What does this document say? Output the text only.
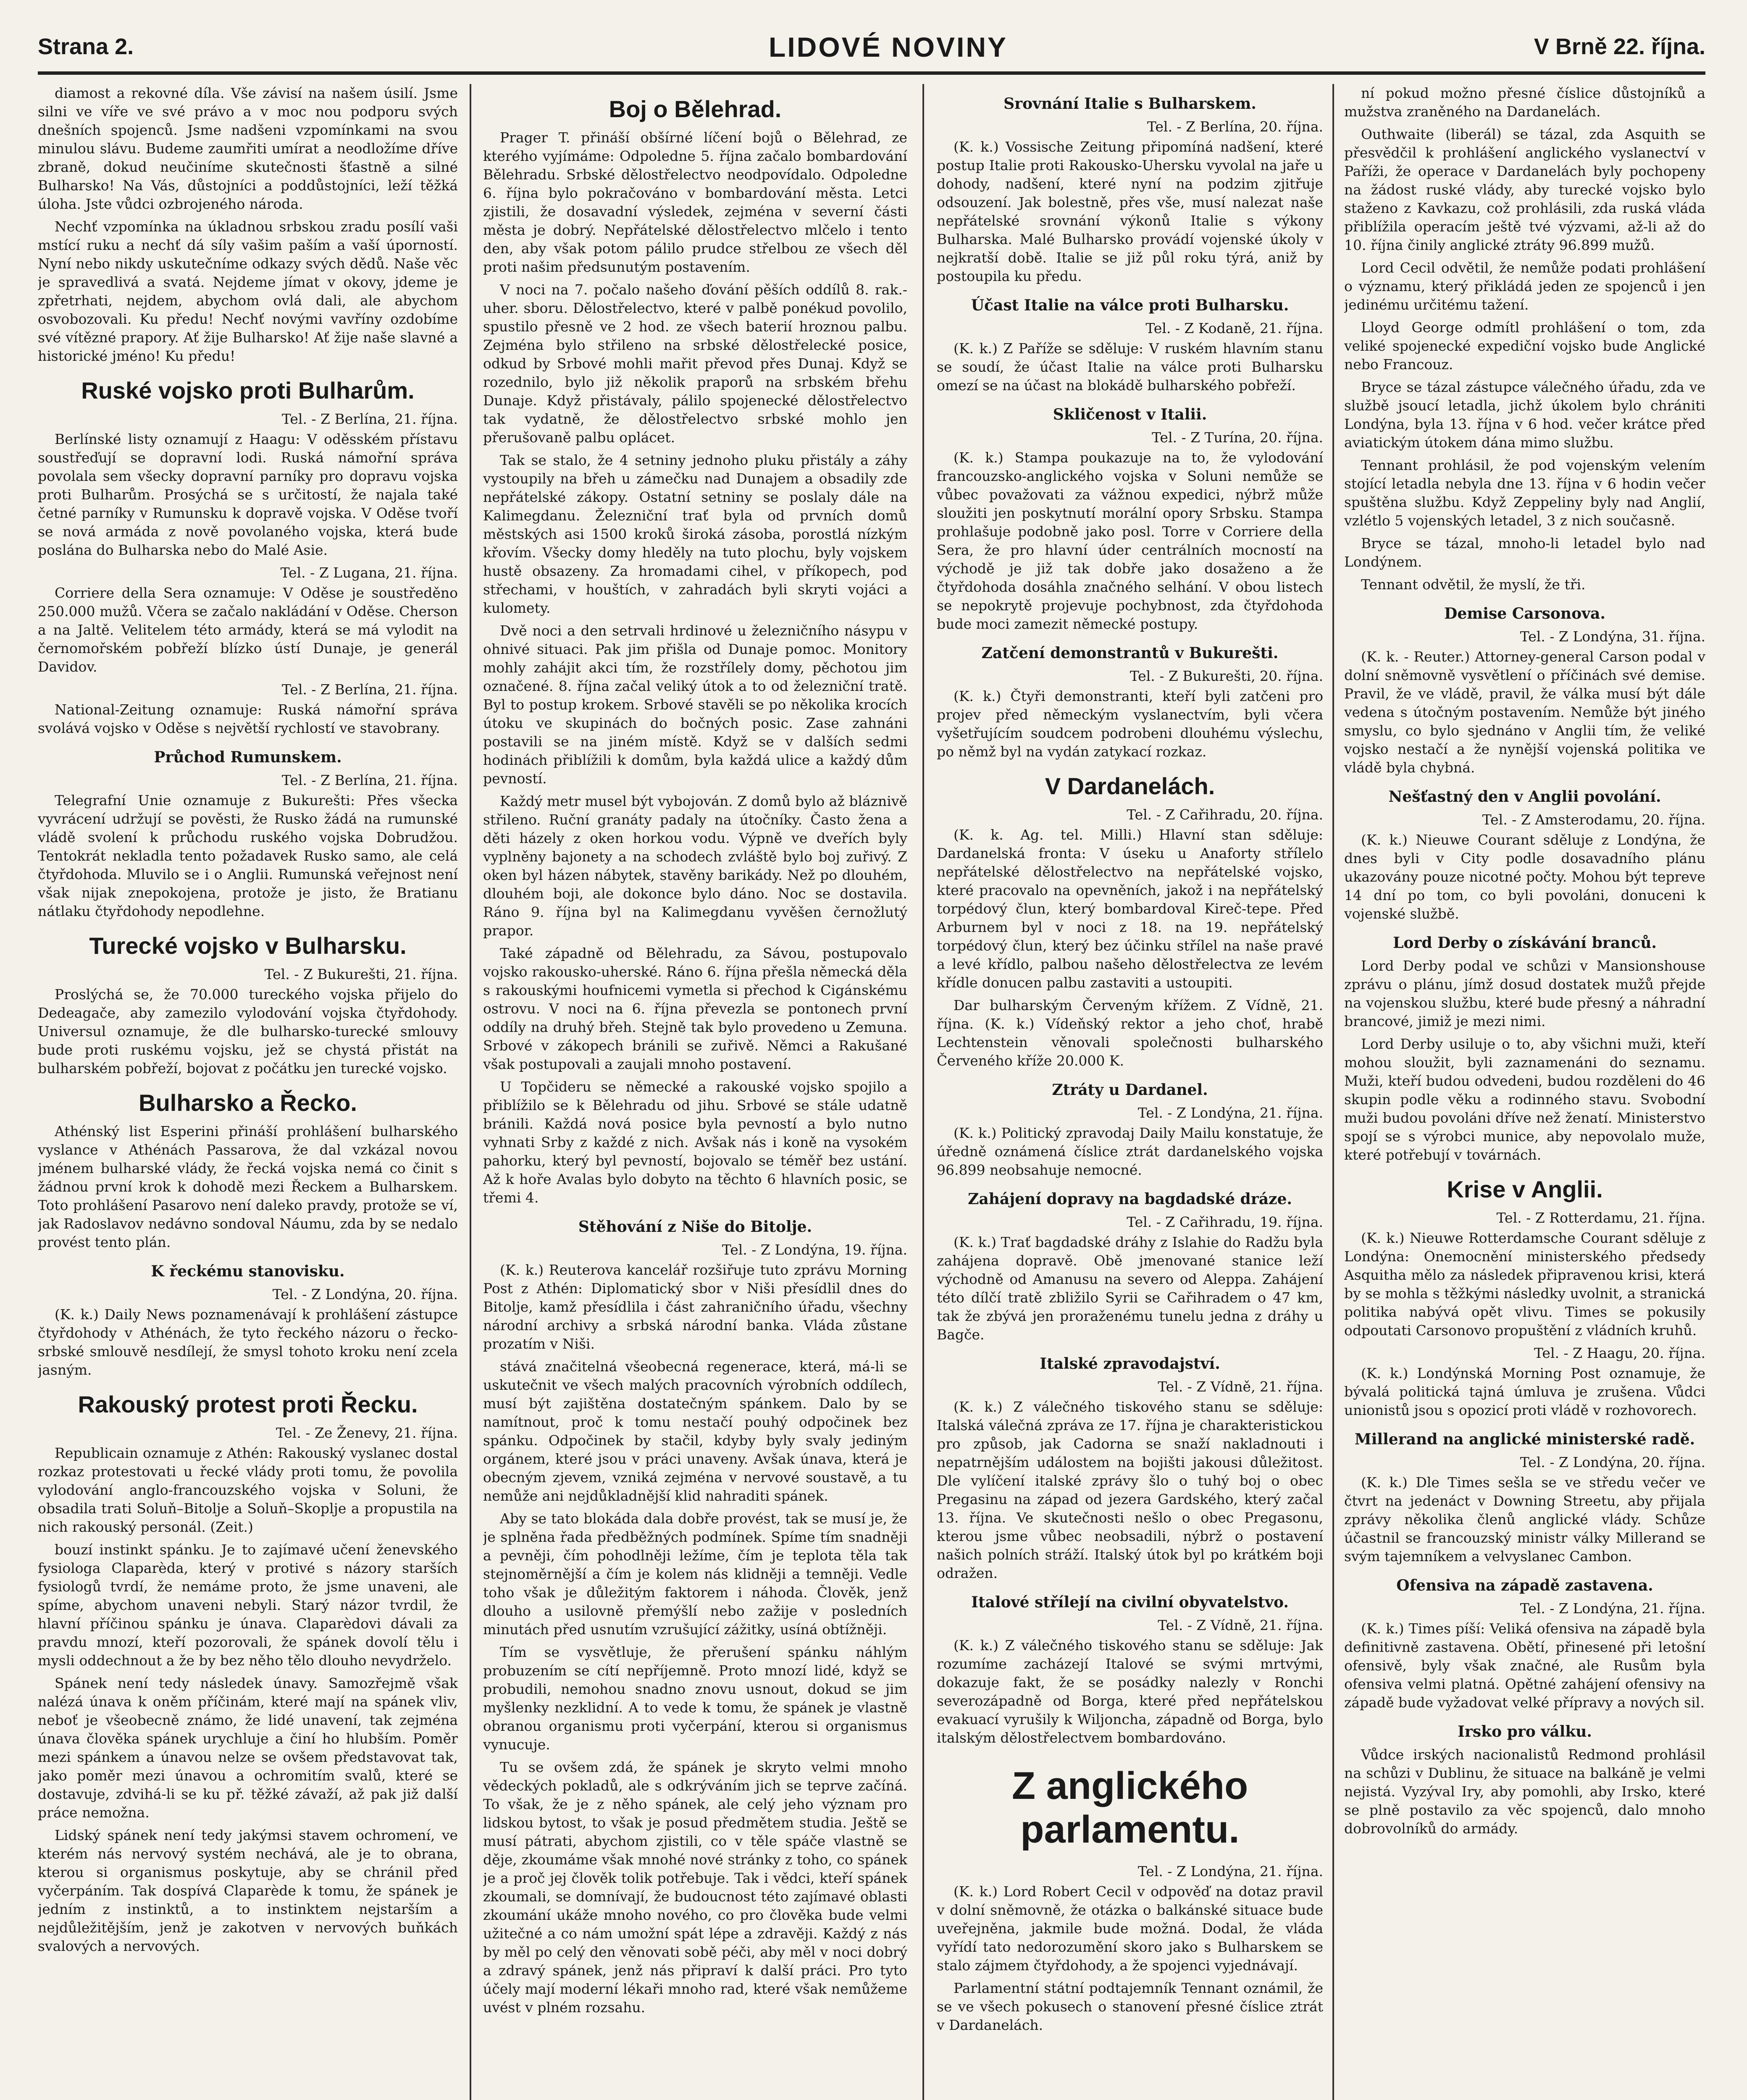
Strana 2.	LIDOVÉ NOVINY	V Brně 22. října.

diamost a rekovné díla. Vše závisí na našem úsilí. Jsme silni ve víře ve své právo a v moc nou podporu svých dnešních spojenců. Jsme nadšeni vzpomínkami na svou minulou slávu. Budeme zaumřiti umírat a neodložíme dříve zbraně, dokud neučiníme skutečnosti šťastně a silné Bulharsko! Na Vás, důstojníci a poddůstojníci, leží těžká úloha. Jste vůdci ozbrojeného národa.

Nechť vzpomínka na úkladnou srbskou zradu posílí vaši mstící ruku a nechť dá síly vašim paším a vaší úporností. Nyní nebo nikdy uskutečníme odkazy svých dědů. Naše věc je spravedlivá a svatá. Nejdeme jímat v okovy, jdeme je zpřetrhati, nejdem, abychom ovlá dali, ale abychom osvobozovali. Ku předu! Nechť novými vavříny ozdobíme své vítězné prapory. Ať žije Bulharsko! Ať žije naše slavné a historické jméno! Ku předu!

Ruské vojsko proti Bulharům.
Tel. - Z Berlína, 21. října.

Berlínské listy oznamují z Haagu: V oděsském přístavu soustřeďují se dopravní lodi. Ruská námořní správa povolala sem všecky dopravní parníky pro dopravu vojska proti Bulharům. Prosýchá se s určitostí, že najala také četné parníky v Rumunsku k dopravě vojska. V Oděse tvoří se nová armáda z nově povolaného vojska, která bude poslána do Bulharska nebo do Malé Asie.

Tel. - Z Lugana, 21. října.

Corriere della Sera oznamuje: V Oděse je soustředěno 250.000 mužů. Včera se začalo nakládání v Oděse. Cherson a na Jaltě. Velitelem této armády, která se má vylodit na černomořském pobřeží blízko ústí Dunaje, je generál Davidov.

Tel. - Z Berlína, 21. října.

National-Zeitung oznamuje: Ruská námořní správa svolává vojsko v Oděse s největší rychlostí ve stavobrany.

Průchod Rumunskem.
Tel. - Z Berlína, 21. října.

Telegrafní Unie oznamuje z Bukurešti: Přes všecka vyvrácení udržují se pověsti, že Rusko žádá na rumunské vládě svolení k průchodu ruského vojska Dobrudžou. Tentokrát nekladla tento požadavek Rusko samo, ale celá čtyřdohoda. Mluvilo se i o Anglii. Rumunská veřejnost není však nijak znepokojena, protože je jisto, že Bratianu nátlaku čtyřdohody nepodlehne.

Turecké vojsko v Bulharsku.
Tel. - Z Bukurešti, 21. října.

Proslýchá se, že 70.000 tureckého vojska přijelo do Dedeagače, aby zamezilo vylodování vojska čtyřdohody. Universul oznamuje, že dle bulharsko-turecké smlouvy bude proti ruskému vojsku, jež se chystá přistát na bulharském pobřeží, bojovat z počátku jen turecké vojsko.

Bulharsko a Řecko.

Athénský list Esperini přináší prohlášení bulharského vyslance v Athénách Passarova, že dal vzkázal novou jménem bulharské vlády, že řecká vojska nemá co činit s žádnou první krok k dohodě mezi Řeckem a Bulharskem. Toto prohlášení Pasarovo není daleko pravdy, protože se ví, jak Radoslavov nedávno sondoval Náumu, zda by se nedalo provést tento plán.

K řeckému stanovisku.
Tel. - Z Londýna, 20. října.

(K. k.) Daily News poznamenávají k prohlášení zástupce čtyřdohody v Athénách, že tyto řeckého názoru o řecko-srbské smlouvě nesdílejí, že smysl tohoto kroku není zcela jasným.

Rakouský protest proti Řecku.
Tel. - Ze Ženevy, 21. října.

Republicain oznamuje z Athén: Rakouský vyslanec dostal rozkaz protestovati u řecké vlády proti tomu, že povolila vylodování anglo-francouzského vojska v Soluni, že obsadila trati Soluň–Bitolje a Soluň–Skoplje a propustila na nich rakouský personál. (Zeit.)

bouzí instinkt spánku. Je to zajímavé učení ženevského fysiologa Claparèda, který v protivé s názory starších fysiologů tvrdí, že nemáme proto, že jsme unaveni, ale spíme, abychom unaveni nebyli. Starý názor tvrdil, že hlavní příčinou spánku je únava. Claparèdovi dávali za pravdu mnozí, kteří pozorovali, že spánek dovolí tělu i mysli oddechnout a že by bez něho tělo dlouho nevydrželo.

Spánek není tedy následek únavy. Samozřejmě však nalézá únava k oněm příčinám, které mají na spánek vliv, neboť je všeobecně známo, že lidé unavení, tak zejména únava člověka spánek urychluje a činí ho hlubším. Poměr mezi spánkem a únavou nelze se ovšem představovat tak, jako poměr mezi únavou a ochromitím svalů, které se dostavuje, zdvihá-li se ku př. těžké závaží, až pak již další práce nemožna.

Lidský spánek není tedy jakýmsi stavem ochromení, ve kterém nás nervový systém nechává, ale je to obrana, kterou si organismus poskytuje, aby se chránil před vyčerpáním. Tak dospívá Claparède k tomu, že spánek je jedním z instinktů, a to instinktem nejstarším a nejdůležitějším, jenž je zakotven v nervových buňkách svalových a nervových.

Boj o Bělehrad.

Prager T. přináší obšírné líčení bojů o Bělehrad, ze kterého vyjímáme: Odpoledne 5. října začalo bombardování Bělehradu. Srbské dělostřelectvo neodpovídalo. Odpoledne 6. října bylo pokračováno v bombardování města. Letci zjistili, že dosavadní výsledek, zejména v severní části města je dobrý. Nepřátelské dělostřelectvo mlčelo i tento den, aby však potom pálilo prudce střelbou ze všech děl proti našim předsunutým postavením.

V noci na 7. počalo našeho ďování pěších oddílů 8. rak.-uher. sboru. Dělostřelectvo, které v palbě ponékud povolilo, spustilo přesně ve 2 hod. ze všech baterií hroznou palbu. Zejména bylo střileno na srbské dělostřelecké posice, odkud by Srbové mohli mařit převod přes Dunaj. Když se rozednilo, bylo již několik praporů na srbském břehu Dunaje. Když přistávaly, pálilo spojenecké dělostřelectvo tak vydatně, že dělostřelectvo srbské mohlo jen přerušovaně palbu oplácet.

Tak se stalo, že 4 setniny jednoho pluku přistály a záhy vystoupily na břeh u zámečku nad Dunajem a obsadily zde nepřátelské zákopy. Ostatní setniny se poslaly dále na Kalimegdanu. Železniční trať byla od prvních domů městských asi 1500 kroků široká zásoba, porostlá nízkým křovím. Všecky domy hleděly na tuto plochu, byly vojskem hustě obsazeny. Za hromadami cihel, v příkopech, pod střechami, v houštích, v zahradách byli skryti vojáci a kulomety.

Dvě noci a den setrvali hrdinové u železničního násypu v ohnivé situaci. Pak jim přišla od Dunaje pomoc. Monitory mohly zahájit akci tím, že rozstřílely domy, pěchotou jim označené. 8. října začal veliký útok a to od železniční tratě. Byl to postup krokem. Srbové stavěli se po několika krocích útoku ve skupinách do bočných posic. Zase zahnáni postavili se na jiném místě. Když se v dalších sedmi hodinách přiblížili k domům, byla každá ulice a každý dům pevností.

Každý metr musel být vybojován. Z domů bylo až bláznivě střileno. Ruční granáty padaly na útočníky. Často žena a děti házely z oken horkou vodu. Výpně ve dveřích byly vyplněny bajonety a na schodech zvláště bylo boj zuřivý. Z oken byl házen nábytek, stavěny barikády. Než po dlouhém, dlouhém boji, ale dokonce bylo dáno. Noc se dostavila. Ráno 9. října byl na Kalimegdanu vyvěšen černožlutý prapor.

Také západně od Bělehradu, za Sávou, postupovalo vojsko rakousko-uherské. Ráno 6. října přešla německá děla s rakouskými houfnicemi vymetla si přechod k Cigánskému ostrovu. V noci na 6. října převezla se pontonech první oddíly na druhý břeh. Stejně tak bylo provedeno u Zemuna. Srbové v zákopech bránili se zuřivě. Němci a Rakušané však postupovali a zaujali mnoho postavení.

U Topčideru se německé a rakouské vojsko spojilo a přiblížilo se k Bělehradu od jihu. Srbové se stále udatně bránili. Každá nová posice byla pevností a bylo nutno vyhnati Srby z každé z nich. Avšak nás i koně na vysokém pahorku, který byl pevností, bojovalo se téměř bez ustání. Až k hoře Avalas bylo dobyto na těchto 6 hlavních posic, se třemi 4.

Stěhování z Niše do Bitolje.
Tel. - Z Londýna, 19. října.

(K. k.) Reuterova kancelář rozšiřuje tuto zprávu Morning Post z Athén: Diplomatický sbor v Niši přesídlil dnes do Bitolje, kamž přesídlila i část zahraničního úřadu, všechny národní archivy a srbská národní banka. Vláda zůstane prozatím v Niši.

stává značitelná všeobecná regenerace, která, má-li se uskutečnit ve všech malých pracovních výrobních oddílech, musí být zajištěna dostatečným spánkem. Dalo by se namítnout, proč k tomu nestačí pouhý odpočinek bez spánku. Odpočinek by stačil, kdyby byly svaly jediným orgánem, které jsou v práci unaveny. Avšak únava, která je obecným zjevem, vzniká zejména v nervové soustavě, a tu nemůže ani nejdůkladnější klid nahraditi spánek.

Aby se tato blokáda dala dobře provést, tak se musí je, že je splněna řada předběžných podmínek. Spíme tím snadněji a pevněji, čím pohodlněji ležíme, čím je teplota těla tak stejnoměrnější a čím je kolem nás klidněji a temněji. Vedle toho však je důležitým faktorem i náhoda. Člověk, jenž dlouho a usilovně přemýšlí nebo zažije v posledních minutách před usnutím vzrušující zážitky, usíná obtížněji.

Tím se vysvětluje, že přerušení spánku náhlým probuzením se cítí nepříjemně. Proto mnozí lidé, když se probudili, nemohou snadno znovu usnout, dokud se jim myšlenky nezklidní. A to vede k tomu, že spánek je vlastně obranou organismu proti vyčerpání, kterou si organismus vynucuje.

Tu se ovšem zdá, že spánek je skryto velmi mnoho vědeckých pokladů, ale s odkrýváním jich se teprve začíná. To však, že je z něho spánek, ale celý jeho význam pro lidskou bytost, to však je posud předmětem studia. Ještě se musí pátrati, abychom zjistili, co v těle spáče vlastně se děje, zkoumáme však mnohé nové stránky z toho, co spánek je a proč jej člověk tolik potřebuje. Tak i vědci, kteří spánek zkoumali, se domnívají, že budoucnost této zajímavé oblasti zkoumání ukáže mnoho nového, co pro člověka bude velmi užitečné a co nám umožní spát lépe a zdravěji. Každý z nás by měl po celý den věnovati sobě péči, aby měl v noci dobrý a zdravý spánek, jenž nás připraví k další práci. Pro tyto účely mají moderní lékaři mnoho rad, které však nemůžeme uvést v plném rozsahu.

Srovnání Italie s Bulharskem.
Tel. - Z Berlína, 20. října.

(K. k.) Vossische Zeitung připomíná nadšení, které postup Italie proti Rakousko-Uhersku vyvolal na jaře u dohody, nadšení, které nyní na podzim zjitřuje odsouzení. Jak bolestně, přes vše, musí nalezat naše nepřátelské srovnání výkonů Italie s výkony Bulharska. Malé Bulharsko provádí vojenské úkoly v nejkratší době. Italie se již půl roku týrá, aniž by postoupila ku předu.

Účast Italie na válce proti Bulharsku.
Tel. - Z Kodaně, 21. října.

(K. k.) Z Paříže se sděluje: V ruském hlavním stanu se soudí, že účast Italie na válce proti Bulharsku omezí se na účast na blokádě bulharského pobřeží.

Skličenost v Italii.
Tel. - Z Turína, 20. října.

(K. k.) Stampa poukazuje na to, že vylodování francouzsko-anglického vojska v Soluni nemůže se vůbec považovati za vážnou expedici, nýbrž může sloužiti jen poskytnutí morální opory Srbsku. Stampa prohlašuje podobně jako posl. Torre v Corriere della Sera, že pro hlavní úder centrálních mocností na východě je již tak dobře jako dosaženo a že čtyřdohoda dosáhla značného selhání. V obou listech se nepokrytě projevuje pochybnost, zda čtyřdohoda bude moci zamezit německé postupy.

Zatčení demonstrantů v Bukurešti.
Tel. - Z Bukurešti, 20. října.

(K. k.) Čtyři demonstranti, kteří byli zatčeni pro projev před německým vyslanectvím, byli včera vyšetřujícím soudcem podrobeni dlouhému výslechu, po němž byl na vydán zatykací rozkaz.

V Dardanelách.
Tel. - Z Cařihradu, 20. října.

(K. k. Ag. tel. Milli.) Hlavní stan sděluje: Dardanelská fronta: V úseku u Anaforty střílelo nepřátelské dělostřelectvo na nepřátelské vojsko, které pracovalo na opevněních, jakož i na nepřátelský torpédový člun, který bombardoval Kireč-tepe. Před Arburnem byl v noci z 18. na 19. nepřátelský torpédový člun, který bez účinku střílel na naše pravé a levé křídlo, palbou našeho dělostřelectva ze levém křídle donucen palbu zastaviti a ustoupiti.

Dar bulharským Červeným křížem. Z Vídně, 21. října. (K. k.) Vídeňský rektor a jeho choť, hrabě Lechtenstein věnovali společnosti bulharského Červeného kříže 20.000 K.

Ztráty u Dardanel.
Tel. - Z Londýna, 21. října.

(K. k.) Politický zpravodaj Daily Mailu konstatuje, že úředně oznámená číslice ztrát dardanelského vojska 96.899 neobsahuje nemocné.

Zahájení dopravy na bagdadské dráze.
Tel. - Z Cařihradu, 19. října.

(K. k.) Trať bagdadské dráhy z Islahie do Radžu byla zahájena dopravě. Obě jmenované stanice leží východně od Amanusu na severo od Aleppa. Zahájení této dílčí tratě zbližilo Syrii se Cařihradem o 47 km, tak že zbývá jen proraženému tunelu jedna z dráhy u Bagče.

Italské zpravodajství.
Tel. - Z Vídně, 21. října.

(K. k.) Z válečného tiskového stanu se sděluje: Italská válečná zpráva ze 17. října je charakteristickou pro způsob, jak Cadorna se snaží nakladnouti i nepatrnějším událostem na bojišti jakousi důležitost. Dle vylíčení italské zprávy šlo o tuhý boj o obec Pregasinu na západ od jezera Gardského, který začal 13. října. Ve skutečnosti nešlo o obec Pregasonu, kterou jsme vůbec neobsadili, nýbrž o postavení našich polních stráží. Italský útok byl po krátkém boji odražen.

Italové střílejí na civilní obyvatelstvo.
Tel. - Z Vídně, 21. října.

(K. k.) Z válečného tiskového stanu se sděluje: Jak rozumíme zacházejí Italové se svými mrtvými, dokazuje fakt, že se posádky nalezly v Ronchi severozápadně od Borga, které před nepřátelskou evakuací vyrušily k Wiljoncha, západně od Borga, bylo italským dělostřelectvem bombardováno.

Z anglického parlamentu.
Tel. - Z Londýna, 21. října.

(K. k.) Lord Robert Cecil v odpověď na dotaz pravil v dolní sněmovně, že otázka o balkánské situace bude uveřejněna, jakmile bude možná. Dodal, že vláda vyřídí tato nedorozumění skoro jako s Bulharskem se stalo zájmem čtyřdohody, a že spojenci vyjednávají.

Parlamentní státní podtajemník Tennant oznámil, že se ve všech pokusech o stanovení přesné číslice ztrát v Dardanelách.

ní pokud možno přesné číslice důstojníků a mužstva zraněného na Dardanelách.

Outhwaite (liberál) se tázal, zda Asquith se přesvědčil k prohlášení anglického vyslanectví v Paříži, že operace v Dardanelách byly pochopeny na žádost ruské vlády, aby turecké vojsko bylo staženo z Kavkazu, což prohlásili, zda ruská vláda přiblížila operacím ještě tvé výzvami, až-li až do 10. října činily anglické ztráty 96.899 mužů.

Lord Cecil odvětil, že nemůže podati prohlášení o významu, který přikládá jeden ze spojenců i jen jedinému určitému tažení.

Lloyd George odmítl prohlášení o tom, zda veliké spojenecké expediční vojsko bude Anglické nebo Francouz.

Bryce se tázal zástupce válečného úřadu, zda ve službě jsoucí letadla, jichž úkolem bylo chrániti Londýna, byla 13. října v 6 hod. večer krátce před aviatickým útokem dána mimo službu.

Tennant prohlásil, že pod vojenským velením stojící letadla nebyla dne 13. října v 6 hodin večer spuštěna službu. Když Zeppeliny byly nad Anglií, vzlétlo 5 vojenských letadel, 3 z nich současně.

Bryce se tázal, mnoho-li letadel bylo nad Londýnem.

Tennant odvětil, že myslí, že tři.

Demise Carsonova.
Tel. - Z Londýna, 31. října.

(K. k. - Reuter.) Attorney-general Carson podal v dolní sněmovně vysvětlení o příčinách své demise. Pravil, že ve vládě, pravil, že válka musí být dále vedena s útočným postavením. Nemůže být jiného smyslu, co bylo sjednáno v Anglii tím, že veliké vojsko nestačí a že nynější vojenská politika ve vládě byla chybná.

Nešťastný den v Anglii povolání.
Tel. - Z Amsterodamu, 20. října.

(K. k.) Nieuwe Courant sděluje z Londýna, že dnes byli v City podle dosavadního plánu ukazovány pouze nicotné počty. Mohou být tepreve 14 dní po tom, co byli povoláni, donuceni k vojenské službě.

Lord Derby o získávání branců.

Lord Derby podal ve schůzi v Mansionshouse zprávu o plánu, jímž dosud dostatek mužů přejde na vojenskou službu, které bude přesný a náhradní brancové, jimiž je mezi nimi.

Lord Derby usiluje o to, aby všichni muži, kteří mohou sloužit, byli zaznamenáni do seznamu. Muži, kteří budou odvedeni, budou rozděleni do 46 skupin podle věku a rodinného stavu. Svobodní muži budou povoláni dříve než ženatí. Ministerstvo spojí se s výrobci munice, aby nepovolalo muže, které potřebují v továrnách.

Krise v Anglii.
Tel. - Z Rotterdamu, 21. října.

(K. k.) Nieuwe Rotterdamsche Courant sděluje z Londýna: Onemocnění ministerského předsedy Asquitha mělo za následek připravenou krisi, která by se mohla s těžkými následky uvolnit, a stranická politika nabývá opět vlivu. Times se pokusily odpoutati Carsonovo propuštění z vládních kruhů.

Tel. - Z Haagu, 20. října.

(K. k.) Londýnská Morning Post oznamuje, že bývalá politická tajná úmluva je zrušena. Vůdci unionistů jsou s opozicí proti vládě v rozhovorech.

Millerand na anglické ministerské radě.
Tel. - Z Londýna, 20. října.

(K. k.) Dle Times sešla se ve středu večer ve čtvrt na jedenáct v Downing Streetu, aby přijala zprávy několika členů anglické vlády. Schůze účastnil se francouzský ministr války Millerand se svým tajemníkem a velvyslanec Cambon.

Ofensiva na západě zastavena.
Tel. - Z Londýna, 21. října.

(K. k.) Times píší: Veliká ofensiva na západě byla definitivně zastavena. Obětí, přinesené při letošní ofensivě, byly však značné, ale Rusům byla ofensiva velmi platná. Opětné zahájení ofensivy na západě bude vyžadovat velké přípravy a nových sil.

Irsko pro válku.

Vůdce irských nacionalistů Redmond prohlásil na schůzi v Dublinu, že situace na balkáně je velmi nejistá. Vyzýval Iry, aby pomohli, aby Irsko, které se plně postavilo za věc spojenců, dalo mnoho dobrovolníků do armády.
